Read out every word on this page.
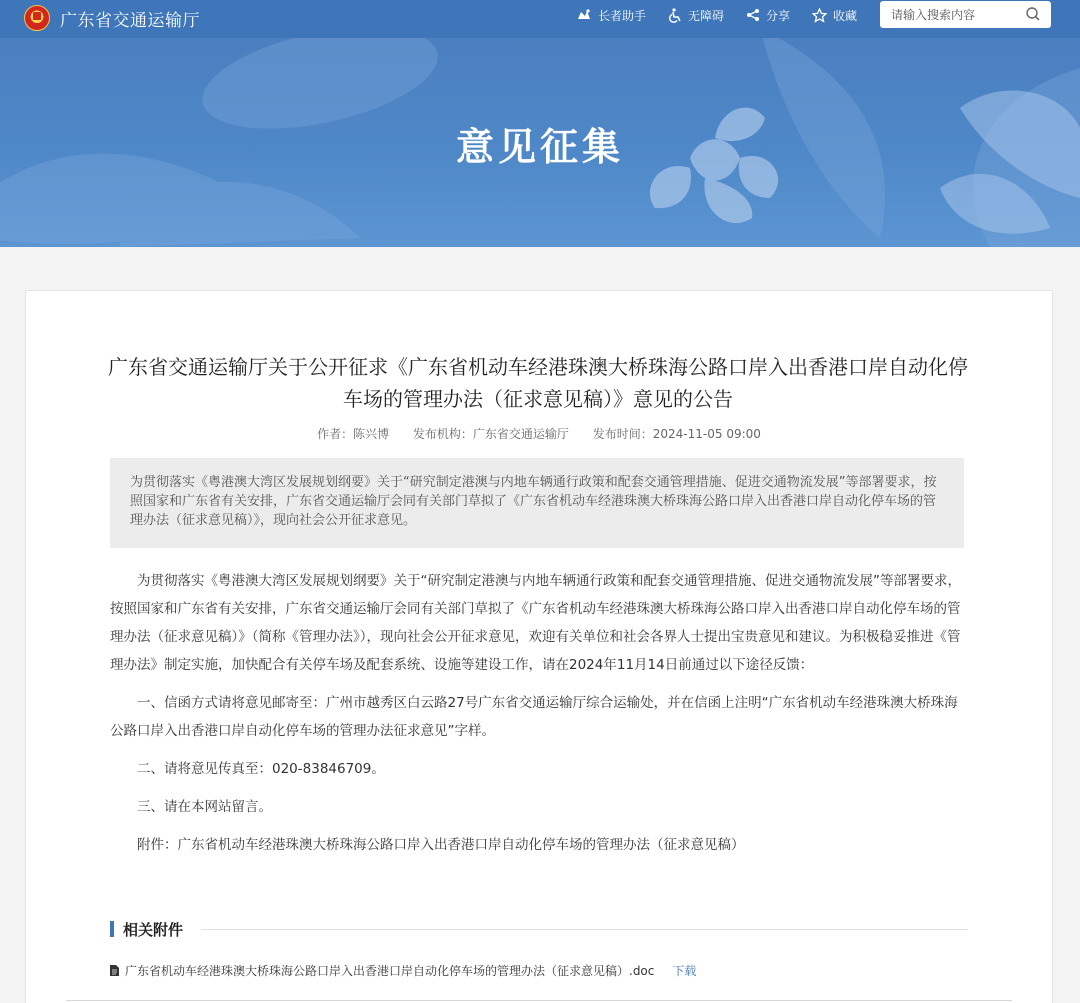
广东省交通运输厅	长者助手	无障碍	分享	收藏
请输入搜索内容
意见征集
广东省交通运输厅关于公开征求《广东省机动车经港珠澳大桥珠海公路口岸入出香港口岸自动化停车场的管理办法（征求意见稿）》意见的公告
作者：陈兴博 发布机构：广东省交通运输厅 发布时间：2024-11-05 09:00
为贯彻落实《粤港澳大湾区发展规划纲要》关于“研究制定港澳与内地车辆通行政策和配套交通管理措施、促进交通物流发展”等部署要求，按照国家和广东省有关安排，广东省交通运输厅会同有关部门草拟了《广东省机动车经港珠澳大桥珠海公路口岸入出香港口岸自动化停车场的管理办法（征求意见稿）》，现向社会公开征求意见。

为贯彻落实《粤港澳大湾区发展规划纲要》关于“研究制定港澳与内地车辆通行政策和配套交通管理措施、促进交通物流发展”等部署要求，按照国家和广东省有关安排，广东省交通运输厅会同有关部门草拟了《广东省机动车经港珠澳大桥珠海公路口岸入出香港口岸自动化停车场的管理办法（征求意见稿）》（简称《管理办法》），现向社会公开征求意见，欢迎有关单位和社会各界人士提出宝贵意见和建议。为积极稳妥推进《管理办法》制定实施，加快配合有关停车场及配套系统、设施等建设工作，请在2024年11月14日前通过以下途径反馈：

一、信函方式请将意见邮寄至：广州市越秀区白云路27号广东省交通运输厅综合运输处，并在信函上注明“广东省机动车经港珠澳大桥珠海公路口岸入出香港口岸自动化停车场的管理办法征求意见”字样。

二、请将意见传真至：020-83846709。

三、请在本网站留言。

附件：广东省机动车经港珠澳大桥珠海公路口岸入出香港口岸自动化停车场的管理办法（征求意见稿）

相关附件
广东省机动车经港珠澳大桥珠海公路口岸入出香港口岸自动化停车场的管理办法（征求意见稿）.doc 下载
